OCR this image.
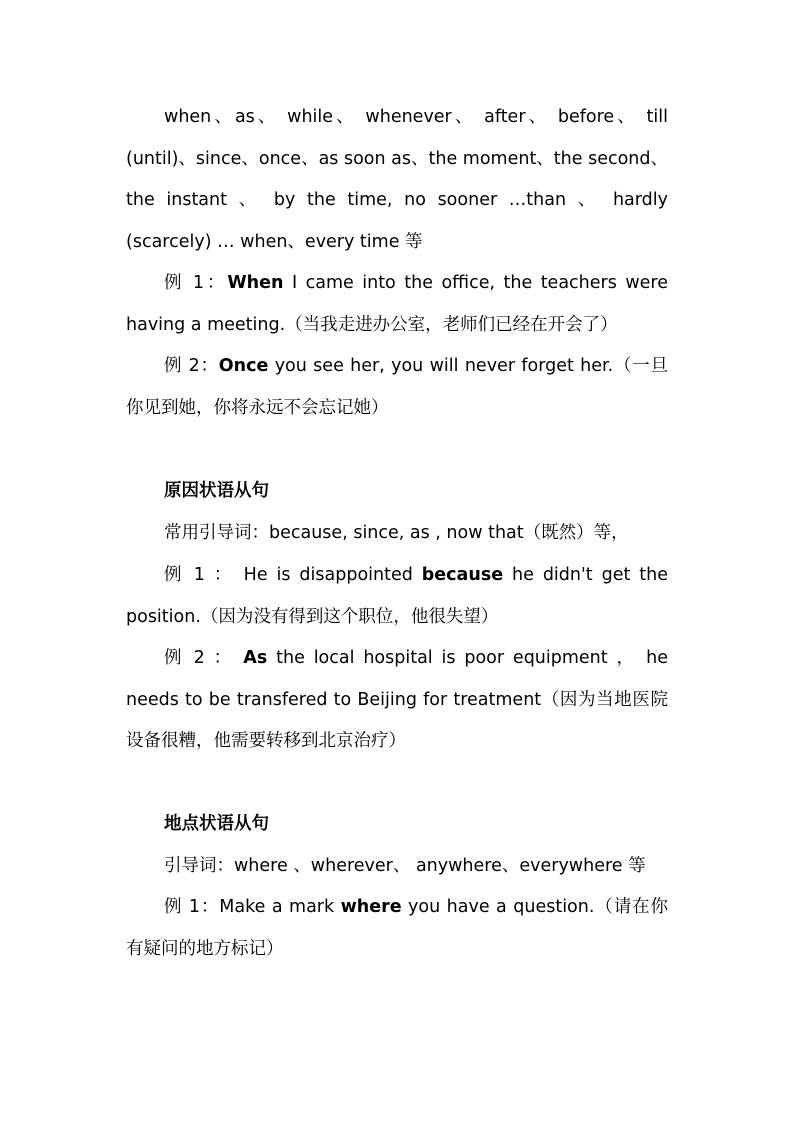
when、as、 while、 whenever、 after、 before、 till (until)、since、once、as soon as、the moment、the second、the instant 、 by the time, no sooner …than 、 hardly (scarcely) … when、every time 等
例 1：When I came into the office, the teachers were having a meeting.（当我走进办公室，老师们已经在开会了）
例 2：Once you see her, you will never forget her.（一旦你见到她，你将永远不会忘记她）
原因状语从句
常用引导词：because, since, as , now that（既然）等，
例 1 ： He is disappointed because he didn't get the position.（因为没有得到这个职位，他很失望）
例 2 ： As the local hospital is poor equipment ， he needs to be transfered to Beijing for treatment（因为当地医院设备很糟，他需要转移到北京治疗）
地点状语从句
引导词：where 、wherever、 anywhere、everywhere 等
例 1：Make a mark where you have a question.（请在你有疑问的地方标记）
